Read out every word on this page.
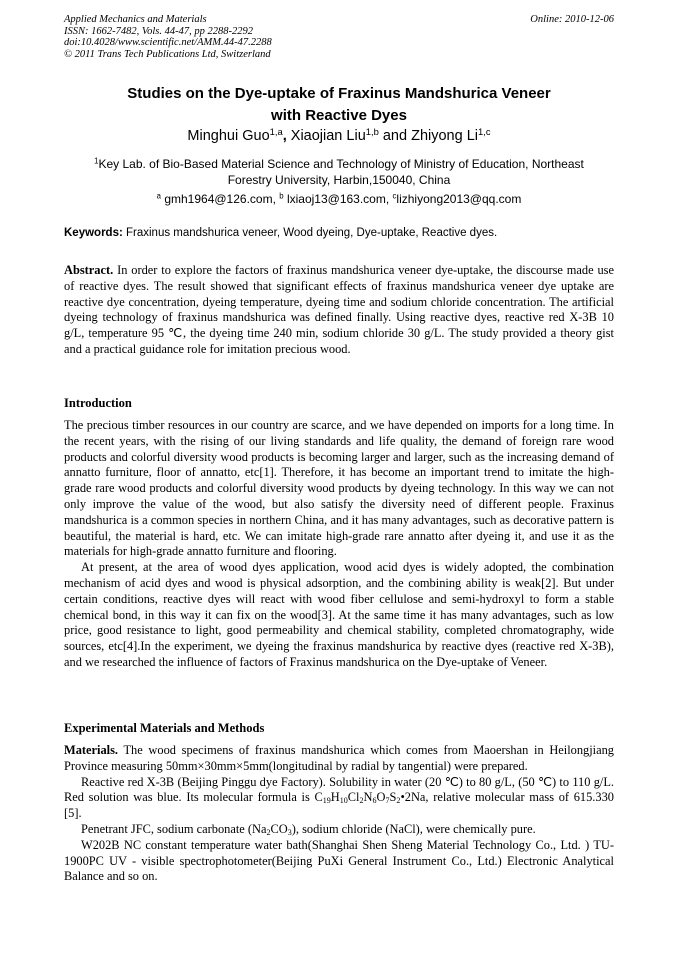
Applied Mechanics and Materials
ISSN: 1662-7482, Vols. 44-47, pp 2288-2292
doi:10.4028/www.scientific.net/AMM.44-47.2288
© 2011 Trans Tech Publications Ltd, Switzerland
Online: 2010-12-06
Studies on the Dye-uptake of Fraxinus Mandshurica Veneer
with Reactive Dyes
Minghui Guo$^{1,a}$, Xiaojian Liu$^{1,b}$ and Zhiyong Li$^{1,c}$
$^1$Key Lab. of Bio-Based Material Science and Technology of Ministry of Education, Northeast
Forestry University, Harbin,150040, China
$^a$ gmh1964@126.com, $^b$ lxiaoj13@163.com, $^c$lizhiyong2013@qq.com
Keywords: Fraxinus mandshurica veneer, Wood dyeing, Dye-uptake, Reactive dyes.

Abstract. In order to explore the factors of fraxinus mandshurica veneer dye-uptake, the discourse made use of reactive dyes. The result showed that significant effects of fraxinus mandshurica veneer dye uptake are reactive dye concentration, dyeing temperature, dyeing time and sodium chloride concentration. The artificial dyeing technology of fraxinus mandshurica was defined finally. Using reactive dyes, reactive red X-3B 10 g/L, temperature 95 ℃, the dyeing time 240 min, sodium chloride 30 g/L. The study provided a theory gist and a practical guidance role for imitation precious wood.

Introduction

The precious timber resources in our country are scarce, and we have depended on imports for a long time. In the recent years, with the rising of our living standards and life quality, the demand of foreign rare wood products and colorful diversity wood products is becoming larger and larger, such as the increasing demand of annatto furniture, floor of annatto, etc[1]. Therefore, it has become an important trend to imitate the high-grade rare wood products and colorful diversity wood products by dyeing technology. In this way we can not only improve the value of the wood, but also satisfy the diversity need of different people. Fraxinus mandshurica is a common species in northern China, and it has many advantages, such as decorative pattern is beautiful, the material is hard, etc. We can imitate high-grade rare annatto after dyeing it, and use it as the materials for high-grade annatto furniture and flooring.

At present, at the area of wood dyes application, wood acid dyes is widely adopted, the combination mechanism of acid dyes and wood is physical adsorption, and the combining ability is weak[2]. But under certain conditions, reactive dyes will react with wood fiber cellulose and semi-hydroxyl to form a stable chemical bond, in this way it can fix on the wood[3]. At the same time it has many advantages, such as low price, good resistance to light, good permeability and chemical stability, completed chromatography, wide sources, etc[4].In the experiment, we dyeing the fraxinus mandshurica by reactive dyes (reactive red X-3B), and we researched the influence of factors of Fraxinus mandshurica on the Dye-uptake of Veneer.

Experimental Materials and Methods

Materials. The wood specimens of fraxinus mandshurica which comes from Maoershan in Heilongjiang Province measuring 50mm×30mm×5mm(longitudinal by radial by tangential) were prepared.

Reactive red X-3B (Beijing Pinggu dye Factory). Solubility in water (20 ℃) to 80 g/L, (50 ℃) to 110 g/L. Red solution was blue. Its molecular formula is $C_{19}H_{10}Cl_2N_6O_7S_2•2Na$, relative molecular mass of 615.330 [5].

Penetrant JFC, sodium carbonate $(Na_2CO_3)$, sodium chloride (NaCl), were chemically pure.

W202B NC constant temperature water bath(Shanghai Shen Sheng Material Technology Co., Ltd. ) TU-1900PC UV - visible spectrophotometer(Beijing PuXi General Instrument Co., Ltd.) Electronic Analytical Balance and so on.
